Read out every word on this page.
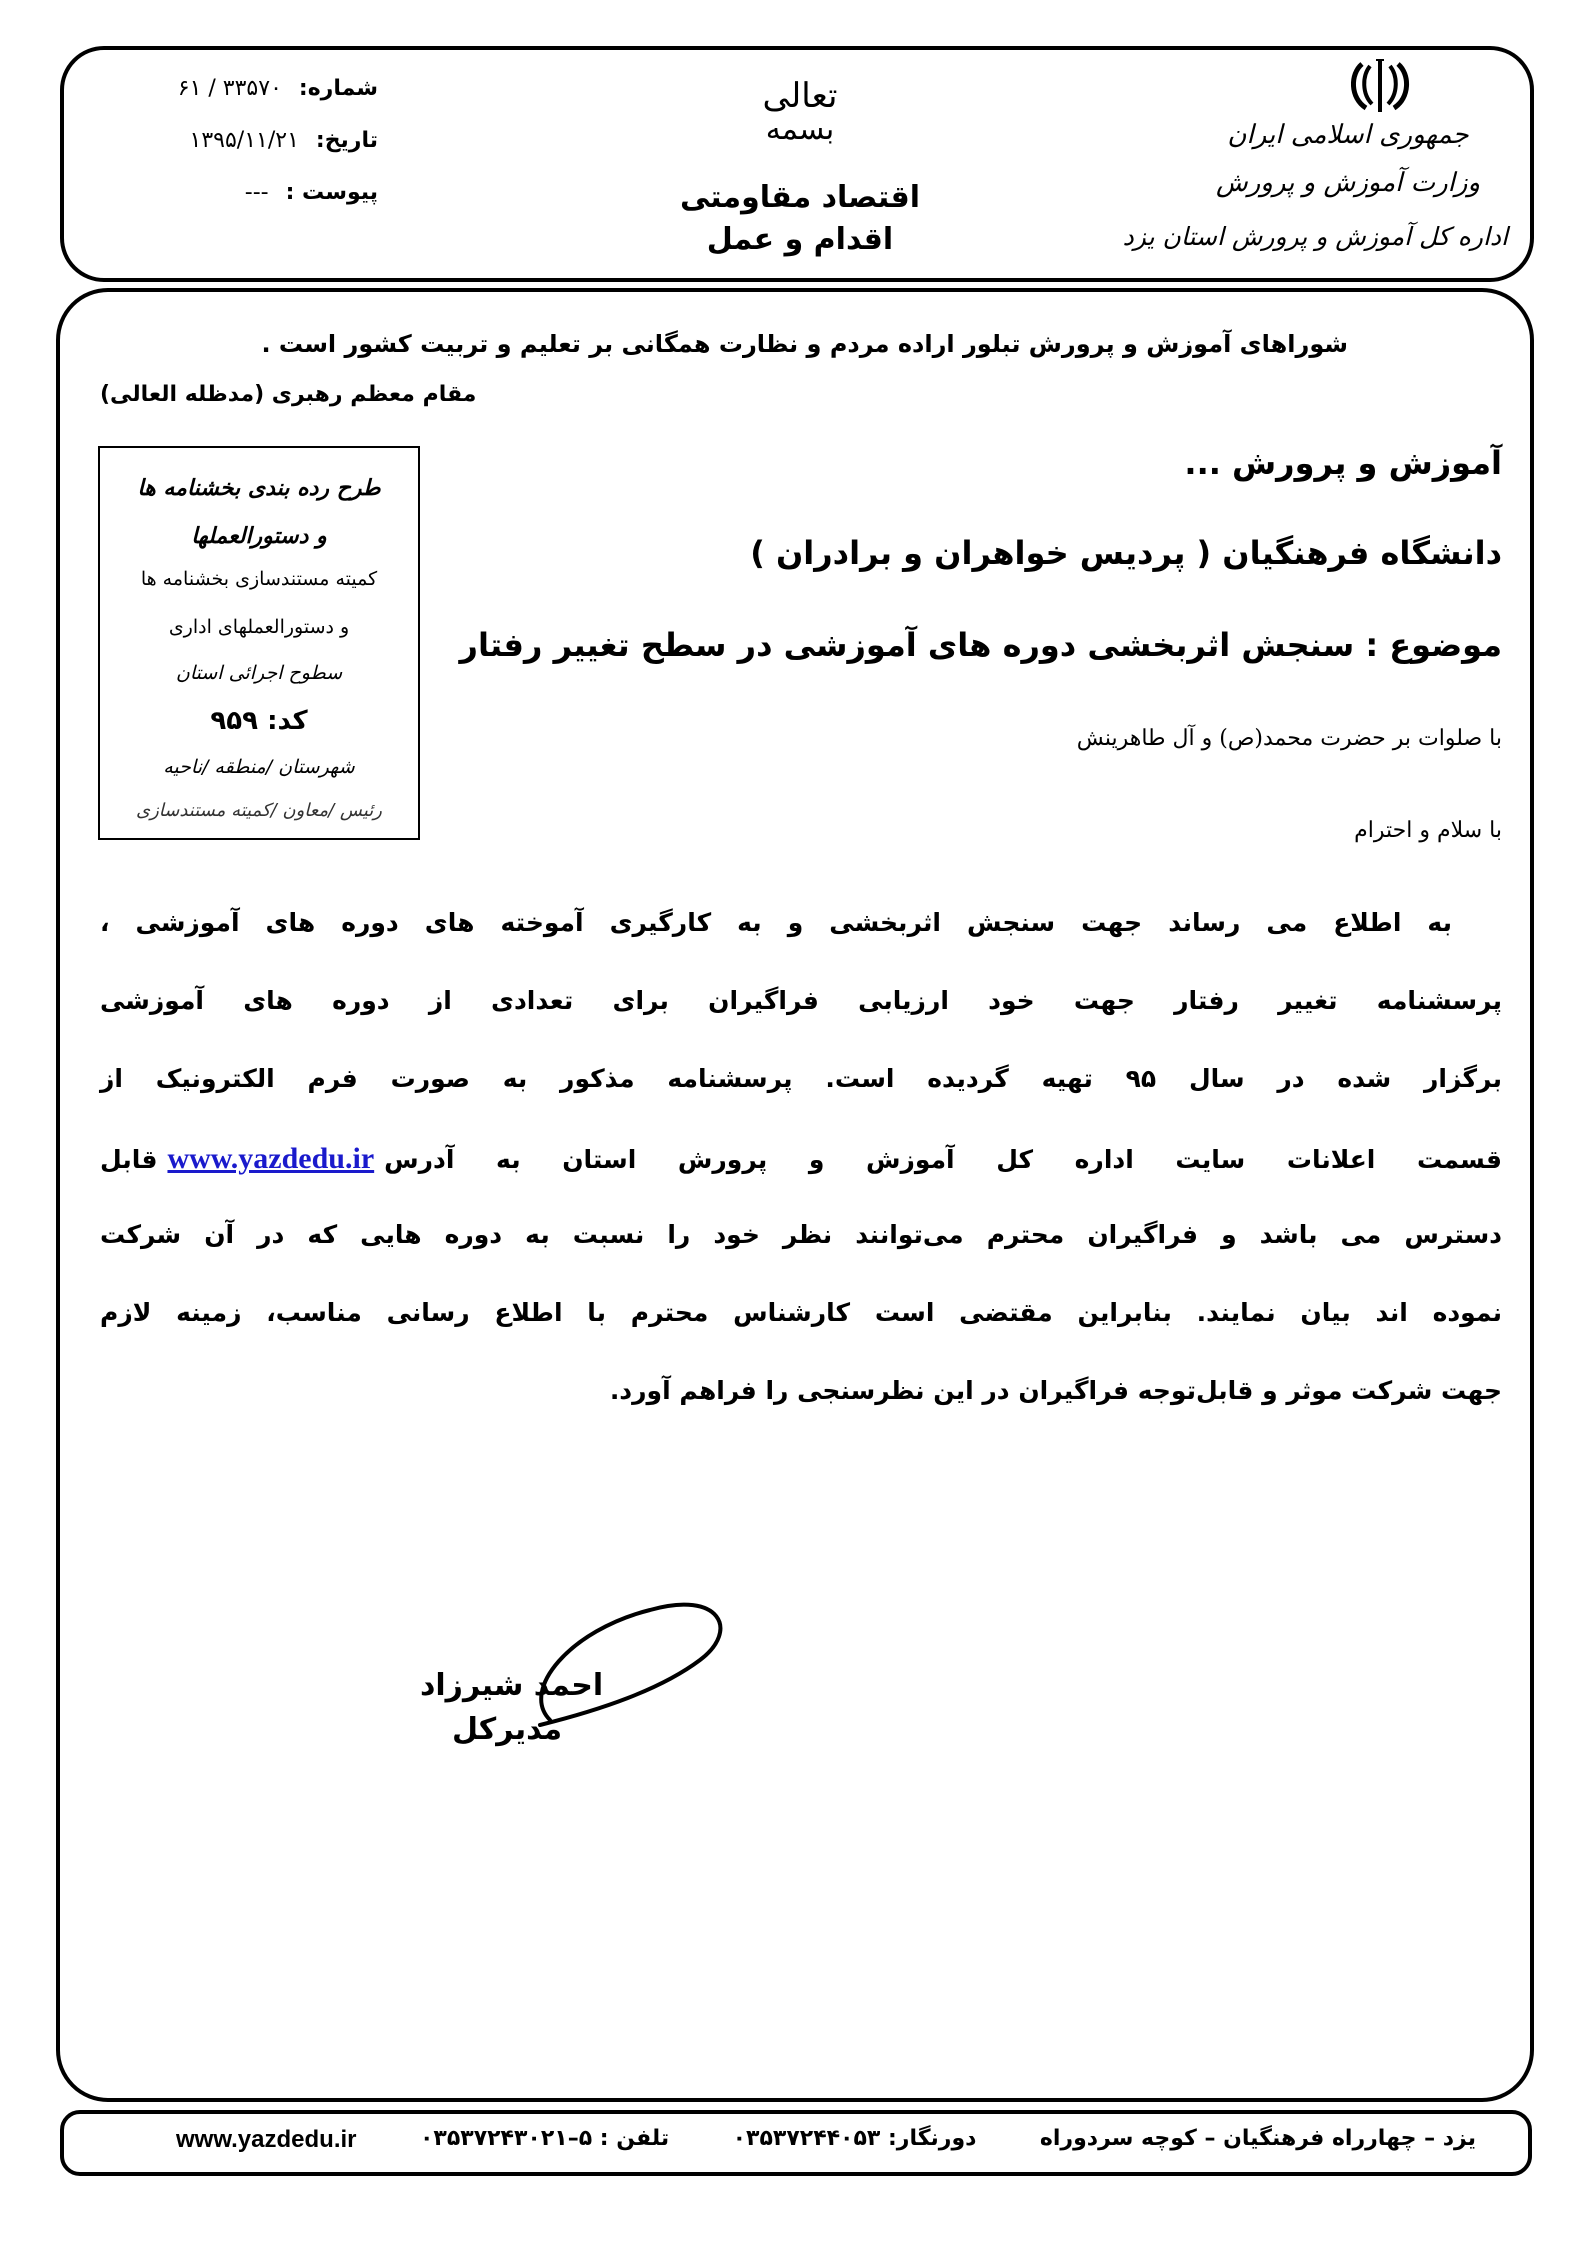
شماره: ۳۳۵۷۰ / ۶۱
تاریخ: ۱۳۹۵/۱۱/۲۱
پیوست : ---
تعالی
بسمه
اقتصاد مقاومتی
اقدام و عمل
جمهوری اسلامی ایران
وزارت آموزش و پرورش
اداره کل آموزش و پرورش استان یزد
شوراهای آموزش و پرورش تبلور اراده مردم و نظارت همگانی بر تعلیم و تربیت کشور است .
مقام معظم رهبری (مدظله العالی)
طرح رده بندی بخشنامه ها
و دستورالعملها
کمیته مستندسازی بخشنامه ها
و دستورالعملهای اداری
سطوح اجرائی استان
کد: ۹۵۹
شهرستان /منطقه /ناحیه
رئیس /معاون /کمیته مستندسازی
آموزش و پرورش ...
دانشگاه فرهنگیان ( پردیس خواهران و برادران )
موضوع : سنجش اثربخشی دوره های آموزشی در سطح تغییر رفتار
با صلوات بر حضرت محمد(ص) و آل طاهرینش
با سلام و احترام
به اطلاع می رساند جهت سنجش اثربخشی و به کارگیری آموخته های دوره های آموزشی ،
پرسشنامه تغییر رفتار جهت خود ارزیابی فراگیران برای تعدادی از دوره های آموزشی
برگزار شده در سال ۹۵ تهیه گردیده است. پرسشنامه مذکور به صورت فرم الکترونیک از
قسمت اعلانات سایت اداره کل آموزش و پرورش استان به آدرسwww.yazdedu.irقابل
دسترس می باشد و فراگیران محترم می‌توانند نظر خود را نسبت به دوره هایی که در آن شرکت
نموده اند بیان نمایند. بنابراین مقتضی است کارشناس محترم با اطلاع رسانی مناسب، زمینه لازم
جهت شرکت موثر و قابل‌توجه فراگیران در این نظرسنجی را فراهم آورد.
احمد شیرزاد
مدیرکل
یزد – چهارراه فرهنگیان – کوچه سردوراه
دورنگار: ۰۳۵۳۷۲۴۴۰۵۳
تلفن : ۵–۰۳۵۳۷۲۴۳۰۲۱
www.yazdedu.ir
